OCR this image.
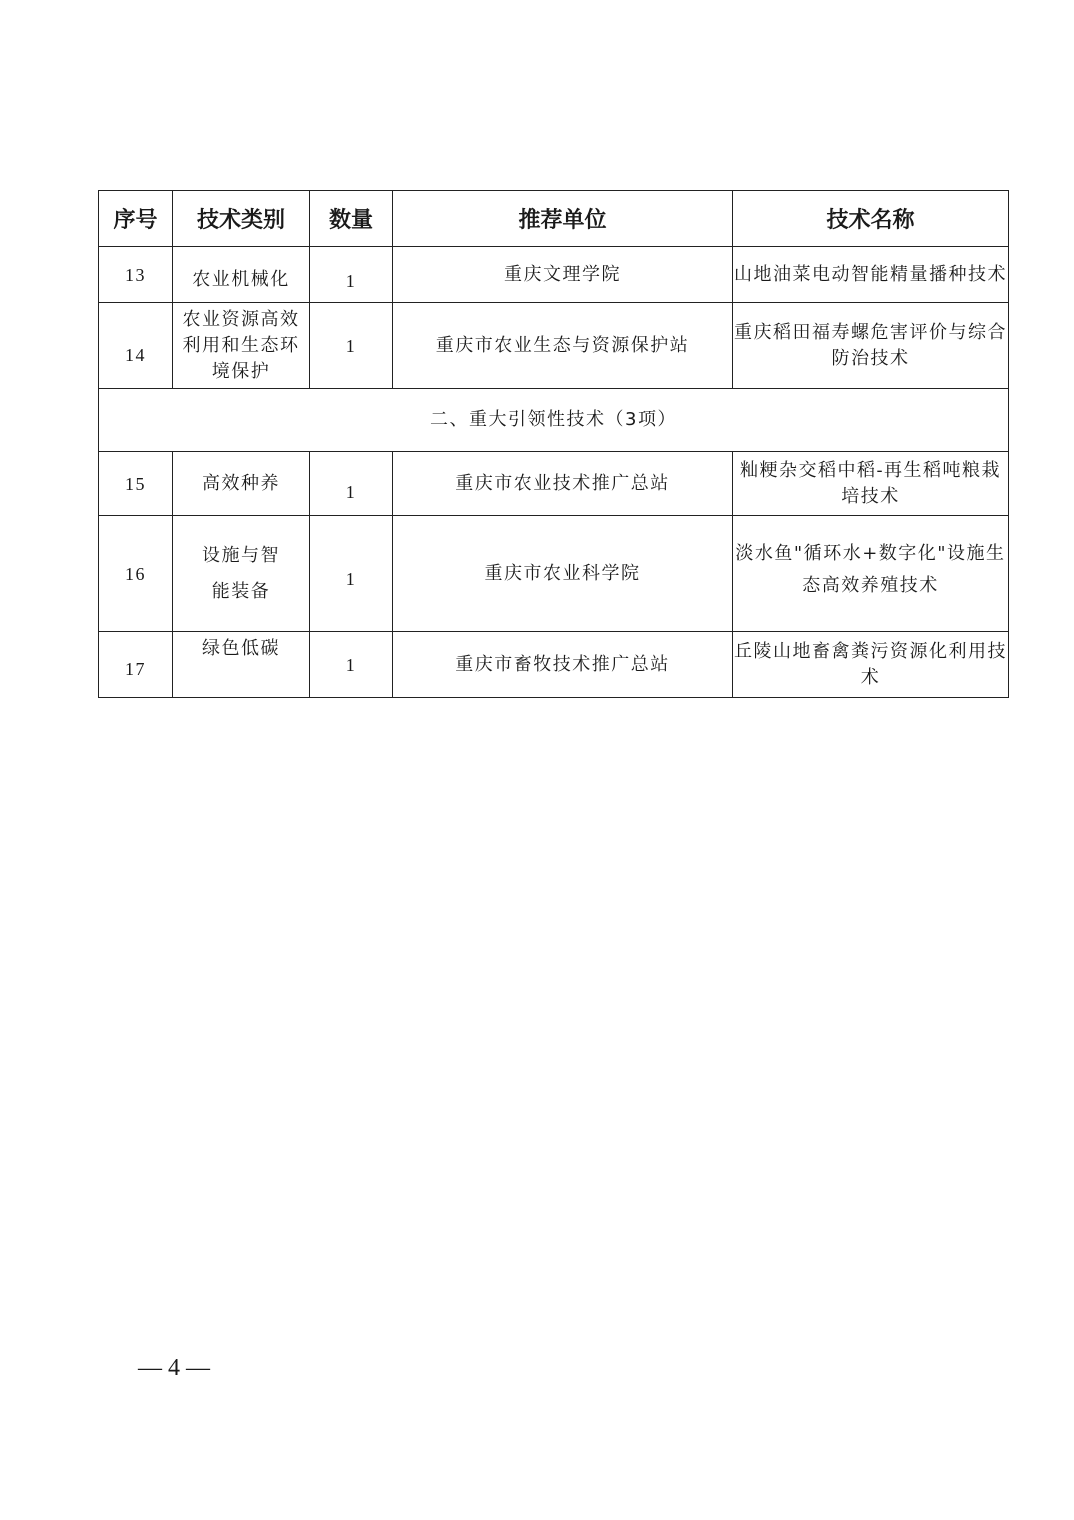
序号	技术类别	数量	推荐单位	技术名称
13	农业机械化	1	重庆文理学院	山地油菜电动智能精量播种技术
14	农业资源高效利用和生态环境保护	1	重庆市农业生态与资源保护站	重庆稻田福寿螺危害评价与综合防治技术
二、重大引领性技术（3项）				
15	高效种养	1	重庆市农业技术推广总站	籼粳杂交稻中稻-再生稻吨粮栽培技术
16	设施与智能装备	1	重庆市农业科学院	淡水鱼"循环水+数字化"设施生态高效养殖技术
17	绿色低碳	1	重庆市畜牧技术推广总站	丘陵山地畜禽粪污资源化利用技术
— 4 —
